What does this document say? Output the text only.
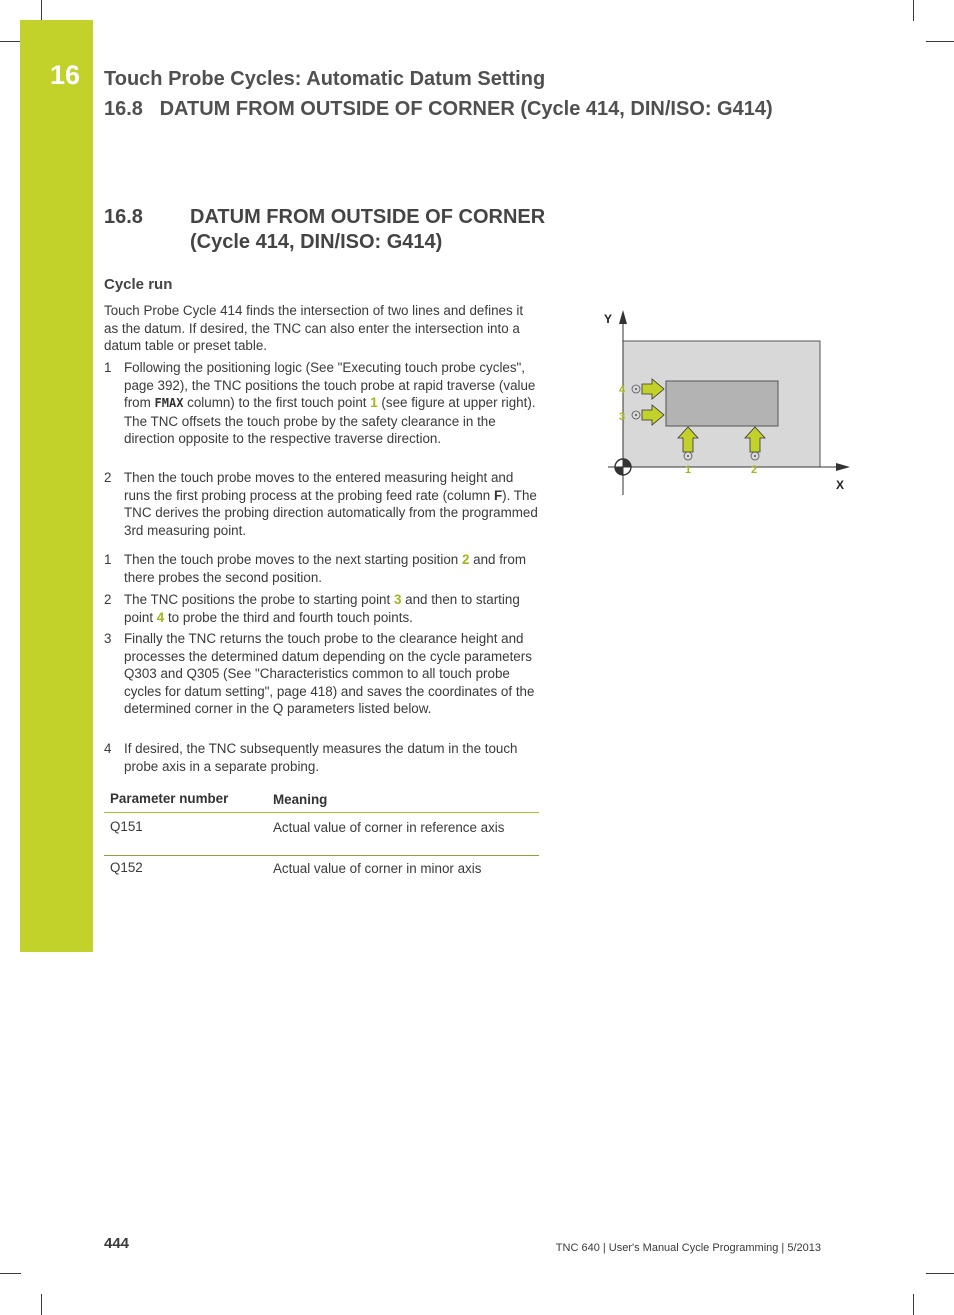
16 Touch Probe Cycles: Automatic Datum Setting
16.8   DATUM FROM OUTSIDE OF CORNER (Cycle 414, DIN/ISO: G414)
16.8 DATUM FROM OUTSIDE OF CORNER
(Cycle 414, DIN/ISO: G414)
Cycle run
Touch Probe Cycle 414 finds the intersection of two lines and defines it as the datum. If desired, the TNC can also enter the intersection into a datum table or preset table.
1 Following the positioning logic (See "Executing touch probe cycles", page 392), the TNC positions the touch probe at rapid traverse (value from FMAX column) to the first touch point 1 (see figure at upper right). The TNC offsets the touch probe by the safety clearance in the direction opposite to the respective traverse direction.
2 Then the touch probe moves to the entered measuring height and runs the first probing process at the probing feed rate (column F). The TNC derives the probing direction automatically from the programmed 3rd measuring point.
1 Then the touch probe moves to the next starting position 2 and from there probes the second position.
2 The TNC positions the probe to starting point 3 and then to starting point 4 to probe the third and fourth touch points.
3 Finally the TNC returns the touch probe to the clearance height and processes the determined datum depending on the cycle parameters Q303 and Q305 (See "Characteristics common to all touch probe cycles for datum setting", page 418) and saves the coordinates of the determined corner in the Q parameters listed below.
4 If desired, the TNC subsequently measures the datum in the touch probe axis in a separate probing.
Parameter number	Meaning
Q151	Actual value of corner in reference axis
Q152	Actual value of corner in minor axis
Y
X
4
3
1	2
444	TNC 640 | User's Manual Cycle Programming | 5/2013
